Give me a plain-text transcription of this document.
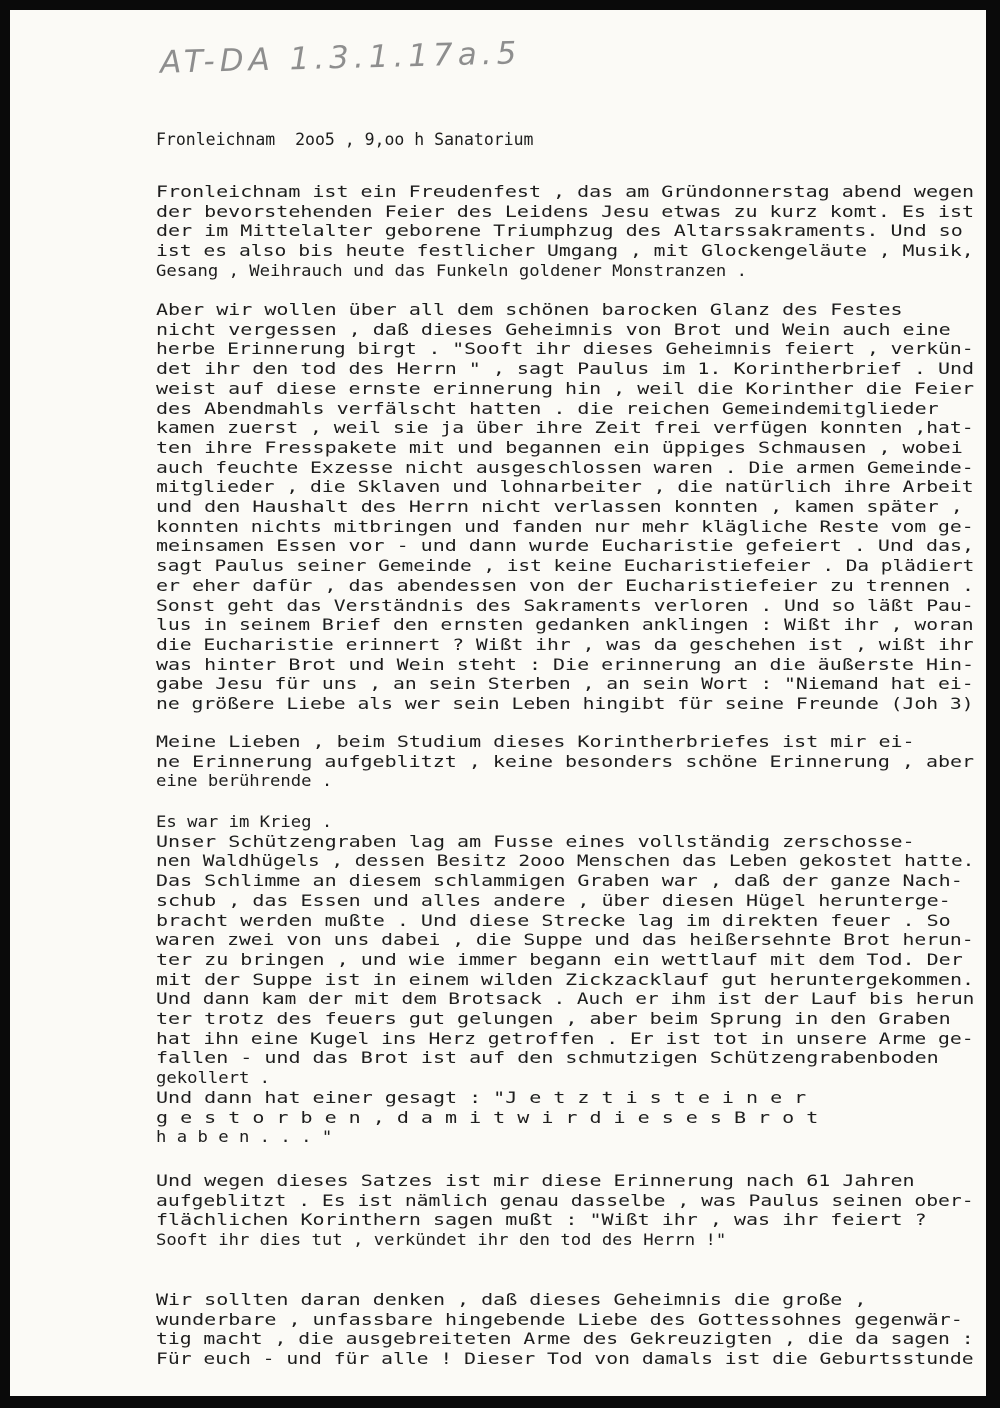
AT-DA 1.3.1.17a.5
Fronleichnam  2oo5 , 9,oo h Sanatorium
Fronleichnam ist ein Freudenfest , das am Gründonnerstag abend wegen
der bevorstehenden Feier des Leidens Jesu etwas zu kurz komt. Es ist
der im Mittelalter geborene Triumphzug des Altarssakraments. Und so
ist es also bis heute festlicher Umgang , mit Glockengeläute , Musik,
Gesang , Weihrauch und das Funkeln goldener Monstranzen .
Aber wir wollen über all dem schönen barocken Glanz des Festes
nicht vergessen , daß dieses Geheimnis von Brot und Wein auch eine
herbe Erinnerung birgt . "Sooft ihr dieses Geheimnis feiert , verkün-
det ihr den tod des Herrn " , sagt Paulus im 1. Korintherbrief . Und
weist auf diese ernste erinnerung hin , weil die Korinther die Feier
des Abendmahls verfälscht hatten . die reichen Gemeindemitglieder
kamen zuerst , weil sie ja über ihre Zeit frei verfügen konnten ,hat-
ten ihre Fresspakete mit und begannen ein üppiges Schmausen , wobei
auch feuchte Exzesse nicht ausgeschlossen waren . Die armen Gemeinde-
mitglieder , die Sklaven und lohnarbeiter , die natürlich ihre Arbeit
und den Haushalt des Herrn nicht verlassen konnten , kamen später ,
konnten nichts mitbringen und fanden nur mehr klägliche Reste vom ge-
meinsamen Essen vor - und dann wurde Eucharistie gefeiert . Und das,
sagt Paulus seiner Gemeinde , ist keine Eucharistiefeier . Da plädiert
er eher dafür , das abendessen von der Eucharistiefeier zu trennen .
Sonst geht das Verständnis des Sakraments verloren . Und so läßt Pau-
lus in seinem Brief den ernsten gedanken anklingen : Wißt ihr , woran
die Eucharistie erinnert ? Wißt ihr , was da geschehen ist , wißt ihr
was hinter Brot und Wein steht : Die erinnerung an die äußerste Hin-
gabe Jesu für uns , an sein Sterben , an sein Wort : "Niemand hat ei-
ne größere Liebe als wer sein Leben hingibt für seine Freunde (Joh 3)
Meine Lieben , beim Studium dieses Korintherbriefes ist mir ei-
ne Erinnerung aufgeblitzt , keine besonders schöne Erinnerung , aber
eine berührende .
Es war im Krieg .
Unser Schützengraben lag am Fusse eines vollständig zerschosse-
nen Waldhügels , dessen Besitz 2ooo Menschen das Leben gekostet hatte.
Das Schlimme an diesem schlammigen Graben war , daß der ganze Nach-
schub , das Essen und alles andere , über diesen Hügel herunterge-
bracht werden mußte . Und diese Strecke lag im direkten feuer . So
waren zwei von uns dabei , die Suppe und das heißersehnte Brot herun-
ter zu bringen , und wie immer begann ein wettlauf mit dem Tod. Der
mit der Suppe ist in einem wilden Zickzacklauf gut heruntergekommen.
Und dann kam der mit dem Brotsack . Auch er ihm ist der Lauf bis herun
ter trotz des feuers gut gelungen , aber beim Sprung in den Graben
hat ihn eine Kugel ins Herz getroffen . Er ist tot in unsere Arme ge-
fallen - und das Brot ist auf den schmutzigen Schützengrabenboden
gekollert .
Und dann hat einer gesagt : "J e t z t i s t e i n e r
g e s t o r b e n , d a m i t w i r d i e s e s B r o t
h a b e n . . . "
Und wegen dieses Satzes ist mir diese Erinnerung nach 61 Jahren
aufgeblitzt . Es ist nämlich genau dasselbe , was Paulus seinen ober-
flächlichen Korinthern sagen mußt : "Wißt ihr , was ihr feiert ?
Sooft ihr dies tut , verkündet ihr den tod des Herrn !"
Wir sollten daran denken , daß dieses Geheimnis die große ,
wunderbare , unfassbare hingebende Liebe des Gottessohnes gegenwär-
tig macht , die ausgebreiteten Arme des Gekreuzigten , die da sagen :
Für euch - und für alle ! Dieser Tod von damals ist die Geburtsstunde
